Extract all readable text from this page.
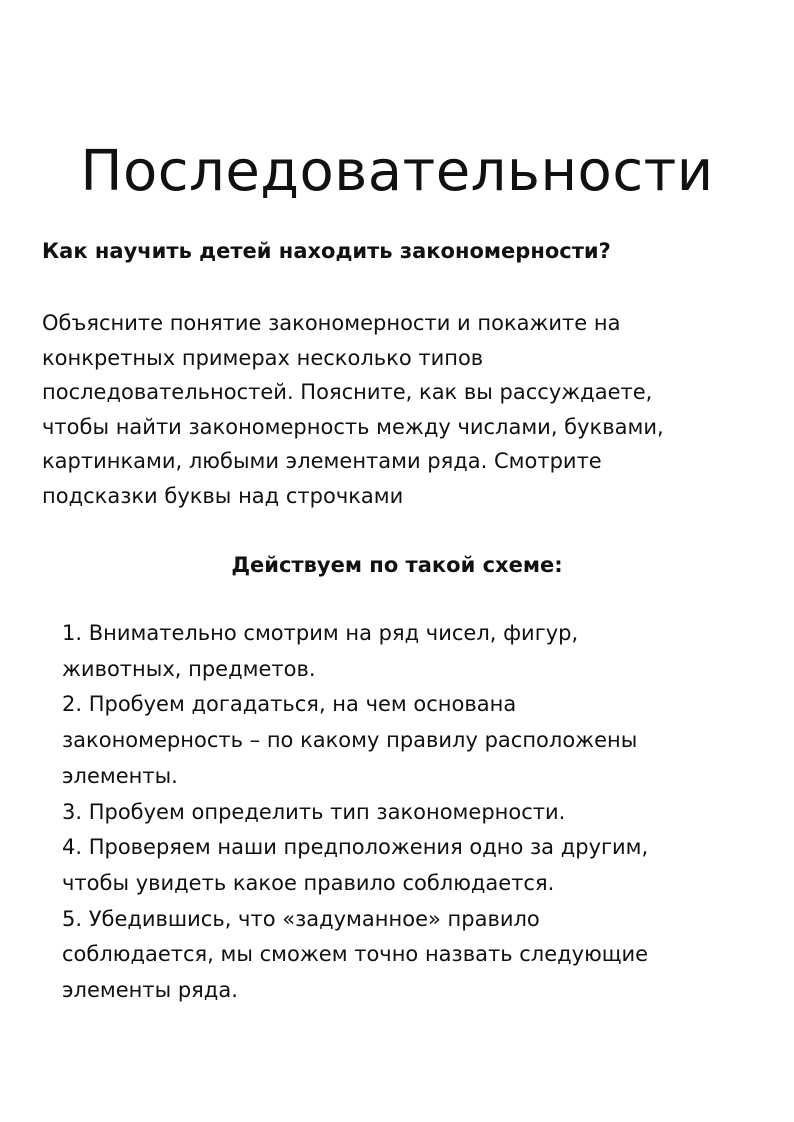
Последовательности

Как научить детей находить закономерности?

Объясните понятие закономерности и покажите на
конкретных примерах несколько типов
последовательностей. Поясните, как вы рассуждаете,
чтобы найти закономерность между числами, буквами,
картинками, любыми элементами ряда. Смотрите
подсказки буквы над строчками

Действуем по такой схеме:

1. Внимательно смотрим на ряд чисел, фигур,
животных, предметов.
2. Пробуем догадаться, на чем основана
закономерность – по какому правилу расположены
элементы.
3. Пробуем определить тип закономерности.
4. Проверяем наши предположения одно за другим,
чтобы увидеть какое правило соблюдается.
5. Убедившись, что «задуманное» правило
соблюдается, мы сможем точно назвать следующие
элементы ряда.
